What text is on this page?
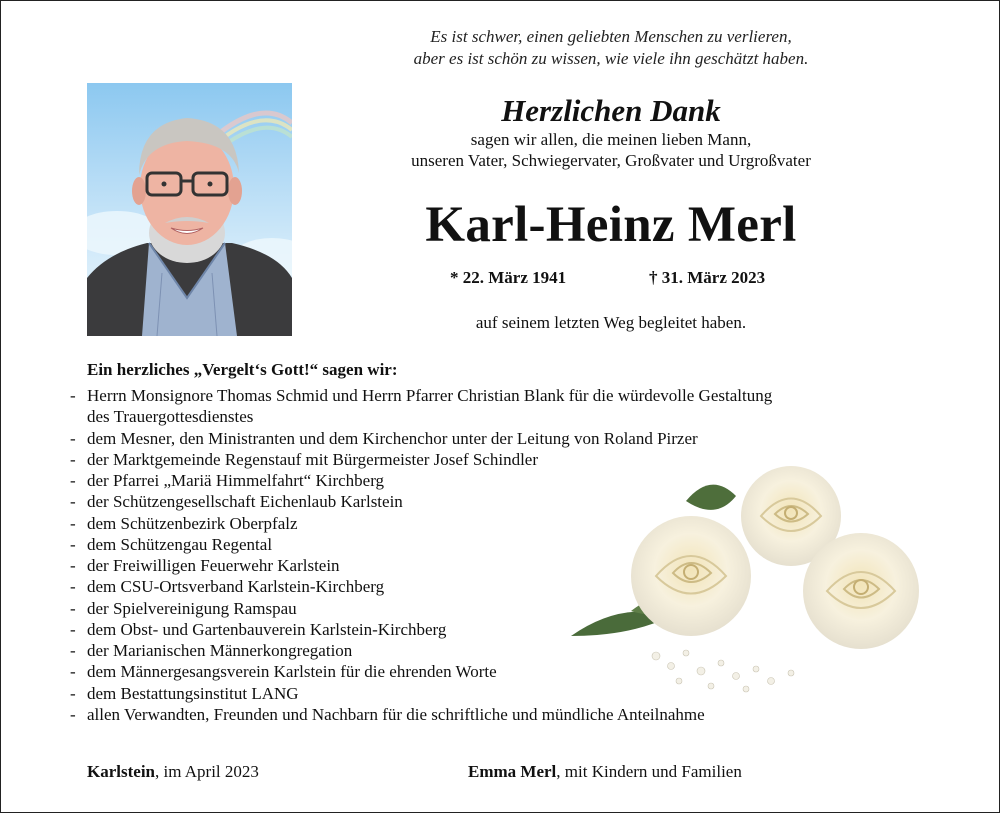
Es ist schwer, einen geliebten Menschen zu verlieren,
aber es ist schön zu wissen, wie viele ihn geschätzt haben.
Herzlichen Dank
sagen wir allen, die meinen lieben Mann,
unseren Vater, Schwiegervater, Großvater und Urgroßvater
Karl-Heinz Merl
* 22. März 1941	† 31. März 2023
auf seinem letzten Weg begleitet haben.
Ein herzliches „Vergelt‘s Gott!“ sagen wir:
- Herrn Monsignore Thomas Schmid und Herrn Pfarrer Christian Blank für die würdevolle Gestaltung
des Trauergottesdienstes
- dem Mesner, den Ministranten und dem Kirchenchor unter der Leitung von Roland Pirzer
- der Marktgemeinde Regenstauf mit Bürgermeister Josef Schindler
- der Pfarrei „Mariä Himmelfahrt“ Kirchberg
- der Schützengesellschaft Eichenlaub Karlstein
- dem Schützenbezirk Oberpfalz
- dem Schützengau Regental
- der Freiwilligen Feuerwehr Karlstein
- dem CSU-Ortsverband Karlstein-Kirchberg
- der Spielvereinigung Ramspau
- dem Obst- und Gartenbauverein Karlstein-Kirchberg
- der Marianischen Männerkongregation
- dem Männergesangsverein Karlstein für die ehrenden Worte
- dem Bestattungsinstitut LANG
- allen Verwandten, Freunden und Nachbarn für die schriftliche und mündliche Anteilnahme
Karlstein, im April 2023	Emma Merl, mit Kindern und Familien
